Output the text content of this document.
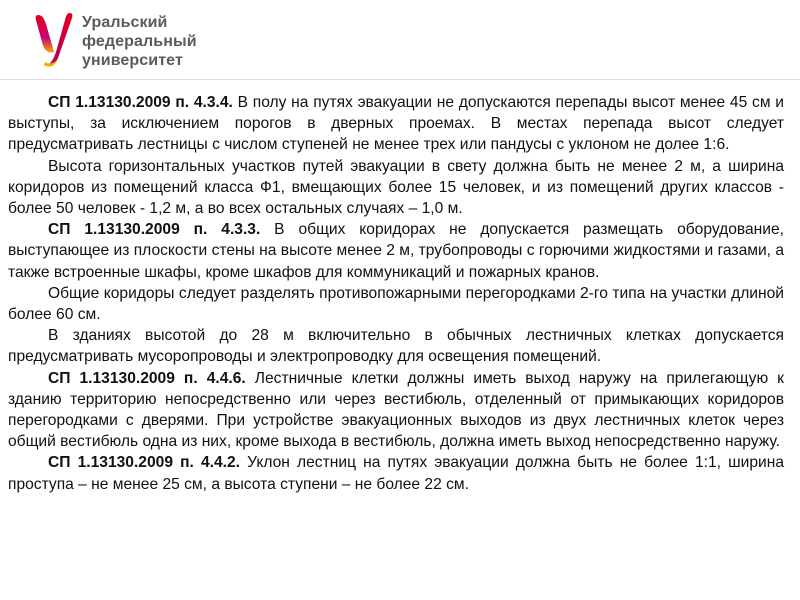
Уральский
федеральный
университет

СП 1.13130.2009 п. 4.3.4. В полу на путях эвакуации не допускаются перепады высот менее 45 см и выступы, за исключением порогов в дверных проемах. В местах перепада высот следует предусматривать лестницы с числом ступеней не менее трех или пандусы с уклоном не долее 1:6.

Высота горизонтальных участков путей эвакуации в свету должна быть не менее 2 м, а ширина коридоров из помещений класса Ф1, вмещающих более 15 человек, и из помещений других классов - более 50 человек - 1,2 м, а во всех остальных случаях – 1,0 м.

СП 1.13130.2009 п. 4.3.3. В общих коридорах не допускается размещать оборудование, выступающее из плоскости стены на высоте менее 2 м, трубопроводы с горючими жидкостями и газами, а также встроенные шкафы, кроме шкафов для коммуникаций и пожарных кранов.

Общие коридоры следует разделять противопожарными перегородками 2-го типа на участки длиной более 60 см.

В зданиях высотой до 28 м включительно в обычных лестничных клетках допускается предусматривать мусоропроводы и электропроводку для освещения помещений.

СП 1.13130.2009 п. 4.4.6. Лестничные клетки должны иметь выход наружу на прилегающую к зданию территорию непосредственно или через вестибюль, отделенный от примыкающих коридоров перегородками с дверями. При устройстве эвакуационных выходов из двух лестничных клеток через общий вестибюль одна из них, кроме выхода в вестибюль, должна иметь выход непосредственно наружу.

СП 1.13130.2009 п. 4.4.2. Уклон лестниц на путях эвакуации должна быть не более 1:1, ширина проступа – не менее 25 см, а высота ступени – не более 22 см.
